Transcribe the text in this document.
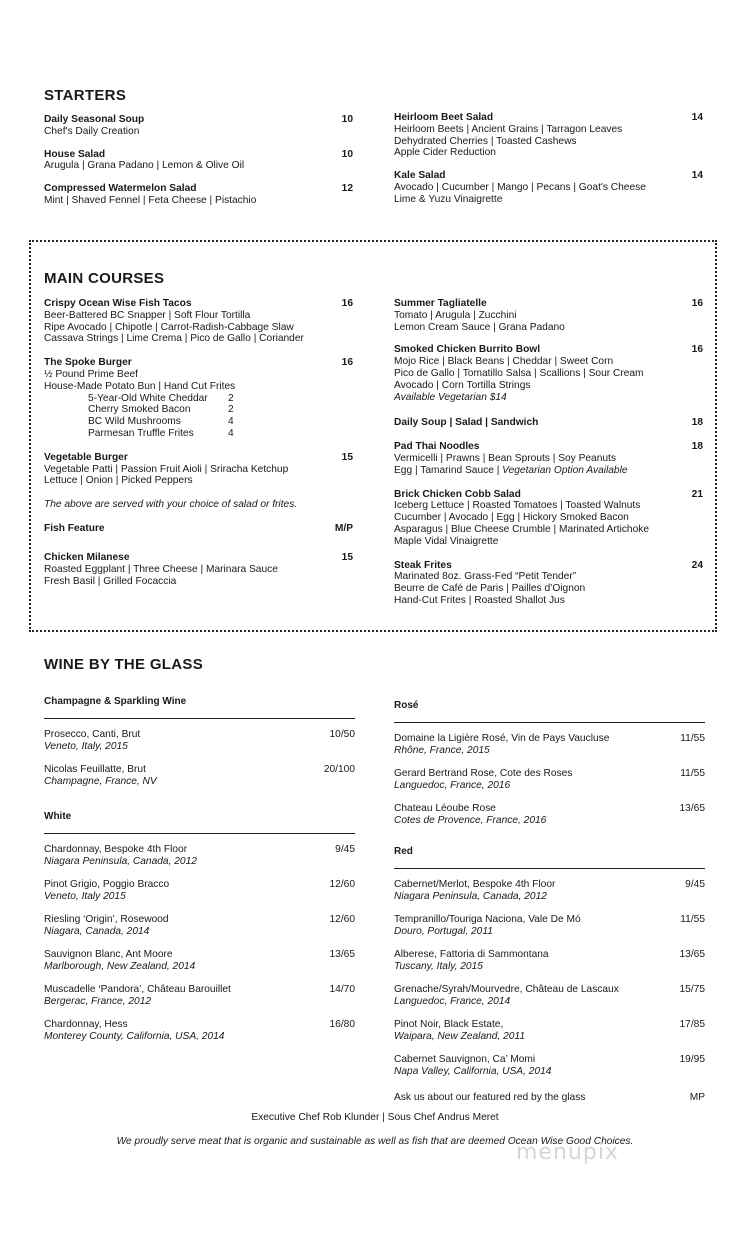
STARTERS
Daily Seasonal Soup	10
Chef's Daily Creation
House Salad	10
Arugula | Grana Padano | Lemon & Olive Oil
Compressed Watermelon Salad	12
Mint | Shaved Fennel | Feta Cheese | Pistachio
Heirloom Beet Salad	14
Heirloom Beets | Ancient Grains | Tarragon Leaves
Dehydrated Cherries | Toasted Cashews
Apple Cider Reduction
Kale Salad	14
Avocado | Cucumber | Mango | Pecans | Goat's Cheese
Lime & Yuzu Vinaigrette
MAIN COURSES
Crispy Ocean Wise Fish Tacos	16
Beer-Battered BC Snapper | Soft Flour Tortilla
Ripe Avocado | Chipotle | Carrot-Radish-Cabbage Slaw
Cassava Strings | Lime Crema | Pico de Gallo | Coriander
The Spoke Burger	16
½ Pound Prime Beef
House-Made Potato Bun | Hand Cut Frites
5-Year-Old White Cheddar	2
Cherry Smoked Bacon	2
BC Wild Mushrooms	4
Parmesan Truffle Frites	4
Vegetable Burger	15
Vegetable Patti | Passion Fruit Aioli | Sriracha Ketchup
Lettuce | Onion | Picked Peppers
The above are served with your choice of salad or frites.
Fish Feature	M/P
Chicken Milanese	15
Roasted Eggplant | Three Cheese | Marinara Sauce
Fresh Basil | Grilled Focaccia
Summer Tagliatelle	16
Tomato | Arugula | Zucchini
Lemon Cream Sauce | Grana Padano
Smoked Chicken Burrito Bowl	16
Mojo Rice | Black Beans | Cheddar | Sweet Corn
Pico de Gallo | Tomatillo Salsa | Scallions | Sour Cream
Avocado | Corn Tortilla Strings
Available Vegetarian $14
Daily Soup | Salad | Sandwich	18
Pad Thai Noodles	18
Vermicelli | Prawns | Bean Sprouts | Soy Peanuts
Egg | Tamarind Sauce | Vegetarian Option Available
Brick Chicken Cobb Salad	21
Iceberg Lettuce | Roasted Tomatoes | Toasted Walnuts
Cucumber | Avocado | Egg | Hickory Smoked Bacon
Asparagus | Blue Cheese Crumble | Marinated Artichoke
Maple Vidal Vinaigrette
Steak Frites	24
Marinated 8oz. Grass-Fed “Petit Tender”
Beurre de Café de Paris | Pailles d’Oignon
Hand-Cut Frites | Roasted Shallot Jus
WINE BY THE GLASS
Champagne & Sparkling Wine
Prosecco, Canti, Brut
Veneto, Italy, 2015
10/50
Nicolas Feuillatte, Brut
Champagne, France, NV
20/100
White
Chardonnay, Bespoke 4th Floor
Niagara Peninsula, Canada, 2012
9/45
Pinot Grigio, Poggio Bracco
Veneto, Italy 2015
12/60
Riesling ‘Origin’, Rosewood
Niagara, Canada, 2014
12/60
Sauvignon Blanc, Ant Moore
Marlborough, New Zealand, 2014
13/65
Muscadelle ‘Pandora’, Château Barouillet
Bergerac, France, 2012
14/70
Chardonnay, Hess
Monterey County, California, USA, 2014
16/80
Rosé
Domaine la Ligière Rosé, Vin de Pays Vaucluse
Rhône, France, 2015
11/55
Gerard Bertrand Rose, Cote des Roses
Languedoc, France, 2016
11/55
Chateau Léoube Rose
Cotes de Provence, France, 2016
13/65
Red
Cabernet/Merlot, Bespoke 4th Floor
Niagara Peninsula, Canada, 2012
9/45
Tempranillo/Touriga Naciona, Vale De Mó
Douro, Portugal, 2011
11/55
Alberese, Fattoria di Sammontana
Tuscany, Italy, 2015
13/65
Grenache/Syrah/Mourvedre, Château de Lascaux
Languedoc, France, 2014
15/75
Pinot Noir, Black Estate,
Waipara, New Zealand, 2011
17/85
Cabernet Sauvignon, Ca’ Momi
Napa Valley, California, USA, 2014
19/95
Ask us about our featured red by the glass	MP
Executive Chef Rob Klunder | Sous Chef Andrus Meret
We proudly serve meat that is organic and sustainable as well as fish that are deemed Ocean Wise Good Choices.
menupix
